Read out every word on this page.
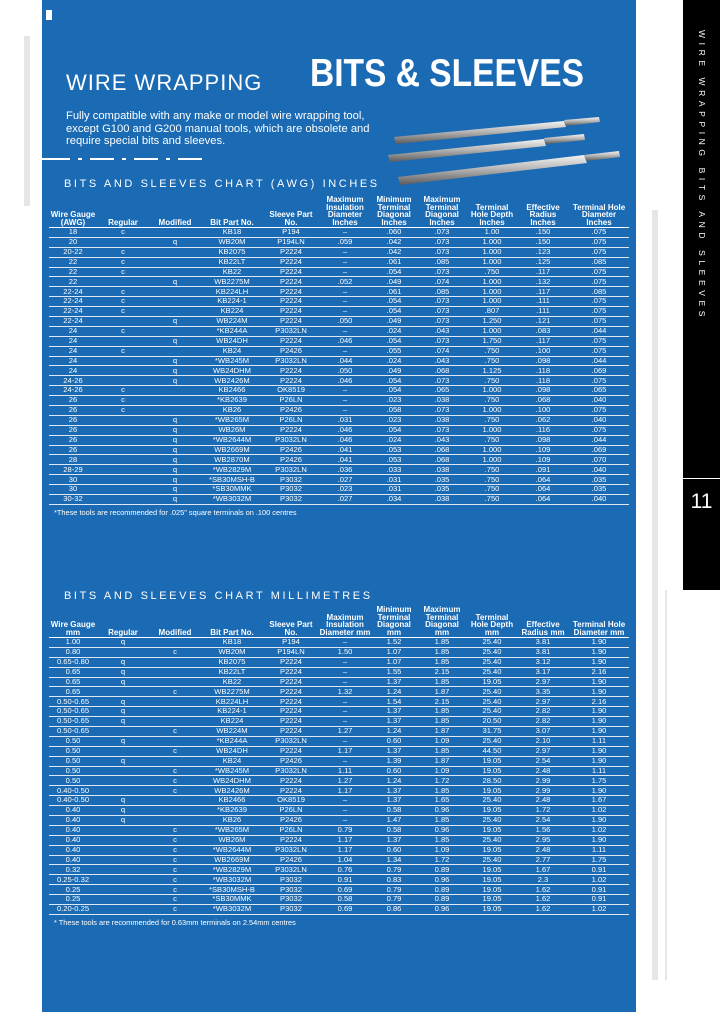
WIRE WRAPPING BITS & SLEEVES
Fully compatible with any make or model wire wrapping tool,
except G100 and G200 manual tools, which are obsolete and
require special bits and sleeves.
BITS AND SLEEVES CHART (AWG) INCHES
Wire Gauge (AWG)	Regular	Modified	Bit Part No.	Sleeve Part No.	Maximum Insulation Diameter Inches	Minimum Terminal Diagonal Inches	Maximum Terminal Diagonal Inches	Terminal Hole Depth Inches	Effective Radius Inches	Terminal Hole Diameter Inches
18	c		KB18	P194	–	.060	.073	1.00	.150	.075
20		q	WB20M	P194LN	.059	.042	.073	1.000	.150	.075
20-22	c		KB2075	P2224	–	.042	.073	1.000	.123	.075
22	c		KB22LT	P2224	–	.061	.085	1.000	.125	.085
22	c		KB22	P2224	–	.054	.073	.750	.117	.075
22		q	WB2275M	P2224	.052	.049	.074	1.000	.132	.075
22-24	c		KB224LH	P2224	–	.061	.085	1.000	.117	.085
22-24	c		KB224-1	P2224	–	.054	.073	1.000	.111	.075
22-24	c		KB224	P2224	–	.054	.073	.807	.111	.075
22-24		q	WB224M	P2224	.050	.049	.073	1.250	.121	.075
24	c		*KB244A	P3032LN	–	.024	.043	1.000	.083	.044
24		q	WB24DH	P2224	.046	.054	.073	1.750	.117	.075
24	c		KB24	P2426	–	.055	.074	.750	.100	.075
24		q	*WB245M	P3032LN	.044	.024	.043	.750	.098	.044
24		q	WB24DHM	P2224	.050	.049	.068	1.125	.118	.069
24-26		q	WB2426M	P2224	.046	.054	.073	.750	.118	.075
24-26	c		KB2466	OK8519	–	.054	.065	1.000	.098	.065
26	c		*KB2639	P26LN	–	.023	.038	.750	.068	.040
26	c		KB26	P2426	–	.058	.073	1.000	.100	.075
26		q	*WB265M	P26LN	.031	.023	.038	.750	.062	.040
26		q	WB26M	P2224	.046	.054	.073	1.000	.116	.075
26		q	*WB2644M	P3032LN	.046	.024	.043	.750	.098	.044
26		q	WB2669M	P2426	.041	.053	.068	1.000	.109	.069
28		q	WB2870M	P2426	.041	.053	.068	1.000	.109	.070
28-29		q	*WB2829M	P3032LN	.036	.033	.038	.750	.091	.040
30		q	*SB30MSH-B	P3032	.027	.031	.035	.750	.064	.035
30		q	*SB30MMK	P3032	.023	.031	.035	.750	.064	.035
30-32		q	*WB3032M	P3032	.027	.034	.038	.750	.064	.040
*These tools are recommended for .025" square terminals on .100 centres
BITS AND SLEEVES CHART MILLIMETRES
Wire Gauge mm	Regular	Modified	Bit Part No.	Sleeve Part No.	Maximum Insulation Diameter mm	Minimum Terminal Diagonal mm	Maximum Terminal Diagonal mm	Terminal Hole Depth mm	Effective Radius mm	Terminal Hole Diameter mm
1.00	q		KB18	P194	–	1.52	1.85	25.40	3.81	1.90
0.80		c	WB20M	P194LN	1.50	1.07	1.85	25.40	3.81	1.90
0.65-0.80	q		KB2075	P2224	–	1.07	1.85	25.40	3.12	1.90
0.65	q		KB22LT	P2224	–	1.55	2.15	25.40	3.17	2.16
0.65	q		KB22	P2224	–	1.37	1.85	19.05	2.97	1.90
0.65		c	WB2275M	P2224	1.32	1.24	1.87	25.40	3.35	1.90
0.50-0.65	q		KB224LH	P2224	–	1.54	2.15	25.40	2.97	2.16
0.50-0.65	q		KB224-1	P2224	–	1.37	1.85	25.40	2.82	1.90
0.50-0.65	q		KB224	P2224	–	1.37	1.85	20.50	2.82	1.90
0.50-0.65		c	WB224M	P2224	1.27	1.24	1.87	31.75	3.07	1.90
0.50	q		*KB244A	P3032LN	–	0.60	1.09	25.40	2.10	1.11
0.50		c	WB24DH	P2224	1.17	1.37	1.85	44.50	2.97	1.90
0.50	q		KB24	P2426	–	1.39	1.87	19.05	2.54	1.90
0.50		c	*WB245M	P3032LN	1.11	0.60	1.09	19.05	2.48	1.11
0.50		c	WB24DHM	P2224	1.27	1.24	1.72	28.50	2.99	1.75
0.40-0.50		c	WB2426M	P2224	1.17	1.37	1.85	19.05	2.99	1.90
0.40-0.50	q		KB2466	OK8519	–	1.37	1.65	25.40	2.48	1.67
0.40	q		*KB2639	P26LN	–	0.58	0.96	19.05	1.72	1.02
0.40	q		KB26	P2426	–	1.47	1.85	25.40	2.54	1.90
0.40		c	*WB265M	P26LN	0.79	0.58	0.96	19.05	1.56	1.02
0.40		c	WB26M	P2224	1.17	1.37	1.85	25.40	2.95	1.90
0.40		c	*WB2644M	P3032LN	1.17	0.60	1.09	19.05	2.48	1.11
0.40		c	WB2669M	P2426	1.04	1.34	1.72	25.40	2.77	1.75
0.32		c	*WB2829M	P3032LN	0.76	0.79	0.89	19.05	1.67	0.91
0.25-0.32		c	*WB3032M	P3032	0.91	0.83	0.96	19.05	2.3	1.02
0.25		c	*SB30MSH-B	P3032	0.69	0.79	0.89	19.05	1.62	0.91
0.25		c	*SB30MMK	P3032	0.58	0.79	0.89	19.05	1.62	0.91
0.20-0.25		c	*WB3032M	P3032	0.69	0.86	0.96	19.05	1.62	1.02
* These tools are recommended for 0.63mm terminals on 2.54mm centres
WIRE WRAPPING BITS AND SLEEVES
11
